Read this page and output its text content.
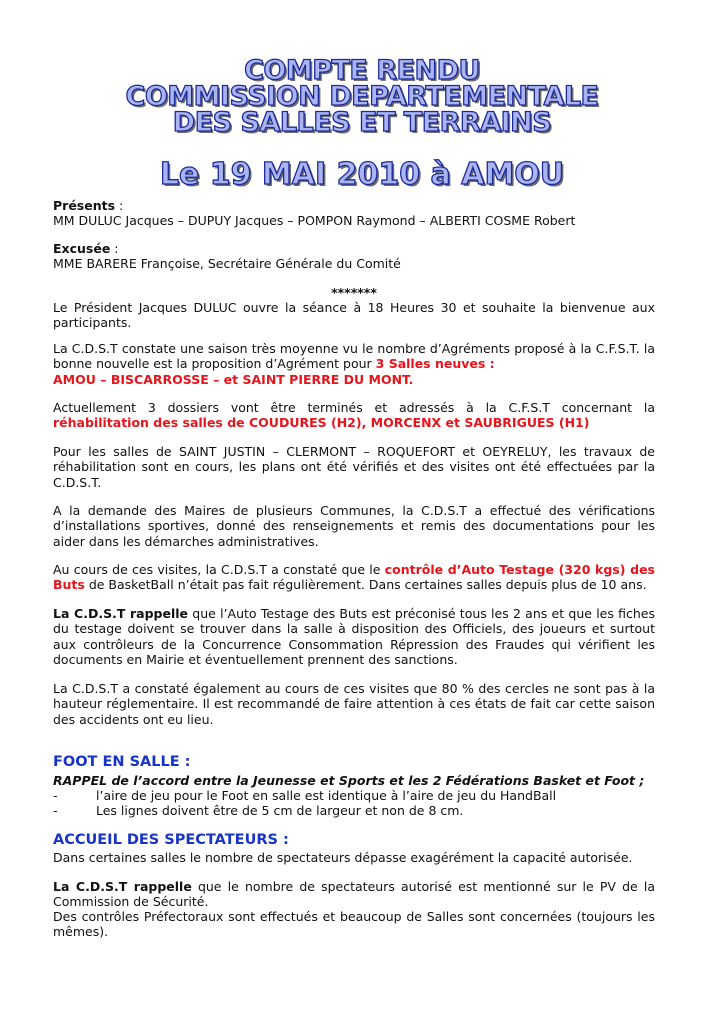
COMPTE RENDU
COMMISSION DEPARTEMENTALE
DES SALLES ET TERRAINS
Le 19 MAI 2010 à AMOU
Présents :
MM DULUC Jacques – DUPUY Jacques – POMPON Raymond – ALBERTI COSME Robert
Excusée :
MME BARERE Françoise, Secrétaire Générale du Comité
*******
Le Président Jacques DULUC ouvre la séance à 18 Heures 30 et souhaite la bienvenue aux participants.
La C.D.S.T constate une saison très moyenne vu le nombre d’Agréments proposé à la C.F.S.T. la bonne nouvelle est la proposition d’Agrément pour 3 Salles neuves :
AMOU – BISCARROSSE – et SAINT PIERRE DU MONT.
Actuellement 3 dossiers vont être terminés et adressés à la C.F.S.T concernant la réhabilitation des salles de COUDURES (H2), MORCENX et SAUBRIGUES (H1)
Pour les salles de SAINT JUSTIN – CLERMONT – ROQUEFORT et OEYRELUY, les travaux de réhabilitation sont en cours, les plans ont été vérifiés et des visites ont été effectuées par la C.D.S.T.
A la demande des Maires de plusieurs Communes, la C.D.S.T a effectué des vérifications d’installations sportives, donné des renseignements et remis des documentations pour les aider dans les démarches administratives.
Au cours de ces visites, la C.D.S.T a constaté que le contrôle d’Auto Testage (320 kgs) des Buts de BasketBall n’était pas fait régulièrement. Dans certaines salles depuis plus de 10 ans.
La C.D.S.T rappelle que l’Auto Testage des Buts est préconisé tous les 2 ans et que les fiches du testage doivent se trouver dans la salle à disposition des Officiels, des joueurs et surtout aux contrôleurs de la Concurrence Consommation Répression des Fraudes qui vérifient les documents en Mairie et éventuellement prennent des sanctions.
La C.D.S.T a constaté également au cours de ces visites que 80 % des cercles ne sont pas à la hauteur réglementaire. Il est recommandé de faire attention à ces états de fait car cette saison des accidents ont eu lieu.
FOOT EN SALLE :
RAPPEL de l’accord entre la Jeunesse et Sports et les 2 Fédérations Basket et Foot ;
-	l’aire de jeu pour le Foot en salle est identique à l’aire de jeu du HandBall
-	Les lignes doivent être de 5 cm de largeur et non de 8 cm.
ACCUEIL DES SPECTATEURS :
Dans certaines salles le nombre de spectateurs dépasse exagérément la capacité autorisée.
La C.D.S.T rappelle que le nombre de spectateurs autorisé est mentionné sur le PV de la Commission de Sécurité.
Des contrôles Préfectoraux sont effectués et beaucoup de Salles sont concernées (toujours les mêmes).
